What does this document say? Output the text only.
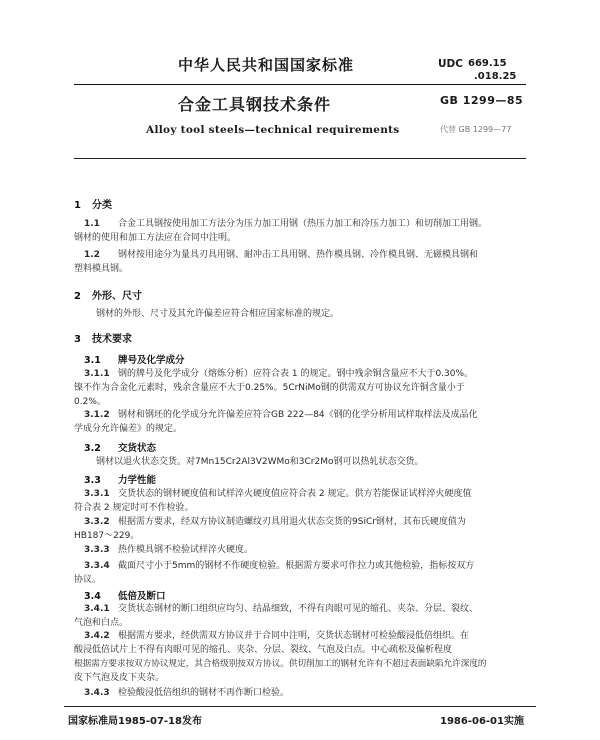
中华人民共和国国家标准	UDC 669.15
.018.25
合金工具钢技术条件	GB 1299—85
Alloy tool steels—technical requirements	代替 GB 1299—77
1 分类
1.1 合金工具钢按使用加工方法分为压力加工用钢（热压力加工和冷压力加工）和切削加工用钢。
钢材的使用和加工方法应在合同中注明。
1.2 钢材按用途分为量具刃具用钢、耐冲击工具用钢、热作模具钢、冷作模具钢、无磁模具钢和
塑料模具钢。
2 外形、尺寸
钢材的外形、尺寸及其允许偏差应符合相应国家标准的规定。
3 技术要求
3.1 牌号及化学成分
3.1.1 钢的牌号及化学成分（熔炼分析）应符合表 1 的规定。钢中残余铜含量应不大于0.30%。
镍不作为合金化元素时，残余含量应不大于0.25%。5CrNiMo钢的供需双方可协议允许铜含量小于
0.2%。
3.1.2 钢材和钢坯的化学成分允许偏差应符合GB 222—84《钢的化学分析用试样取样法及成品化
学成分允许偏差》的规定。
3.2 交货状态
钢材以退火状态交货。对7Mn15Cr2Al3V2WMo和3Cr2Mo钢可以热轧状态交货。
3.3 力学性能
3.3.1 交货状态的钢材硬度值和试样淬火硬度值应符合表 2 规定。供方若能保证试样淬火硬度值
符合表 2 规定时可不作检验。
3.3.2 根据需方要求，经双方协议制造螺纹刃具用退火状态交货的9SiCr钢材，其布氏硬度值为
HB187～229。
3.3.3 热作模具钢不检验试样淬火硬度。
3.3.4 截面尺寸小于5mm的钢材不作硬度检验。根据需方要求可作拉力或其他检验，指标按双方
协议。
3.4 低倍及断口
3.4.1 交货状态钢材的断口组织应均匀、结晶细致，不得有肉眼可见的缩孔、夹杂、分层、裂纹、
气泡和白点。
3.4.2 根据需方要求，经供需双方协议并于合同中注明，交货状态钢材可检验酸浸低倍组织。在
酸浸低倍试片上不得有肉眼可见的缩孔、夹杂、分层、裂纹、气泡及白点。中心疏松及偏析程度
根据需方要求按双方协议规定，其合格级别按双方协议。供切削加工的钢材允许有不超过表面缺陷允许深度的
皮下气泡及皮下夹杂。
3.4.3 检验酸浸低倍组织的钢材不再作断口检验。
国家标准局1985-07-18发布	1986-06-01实施
